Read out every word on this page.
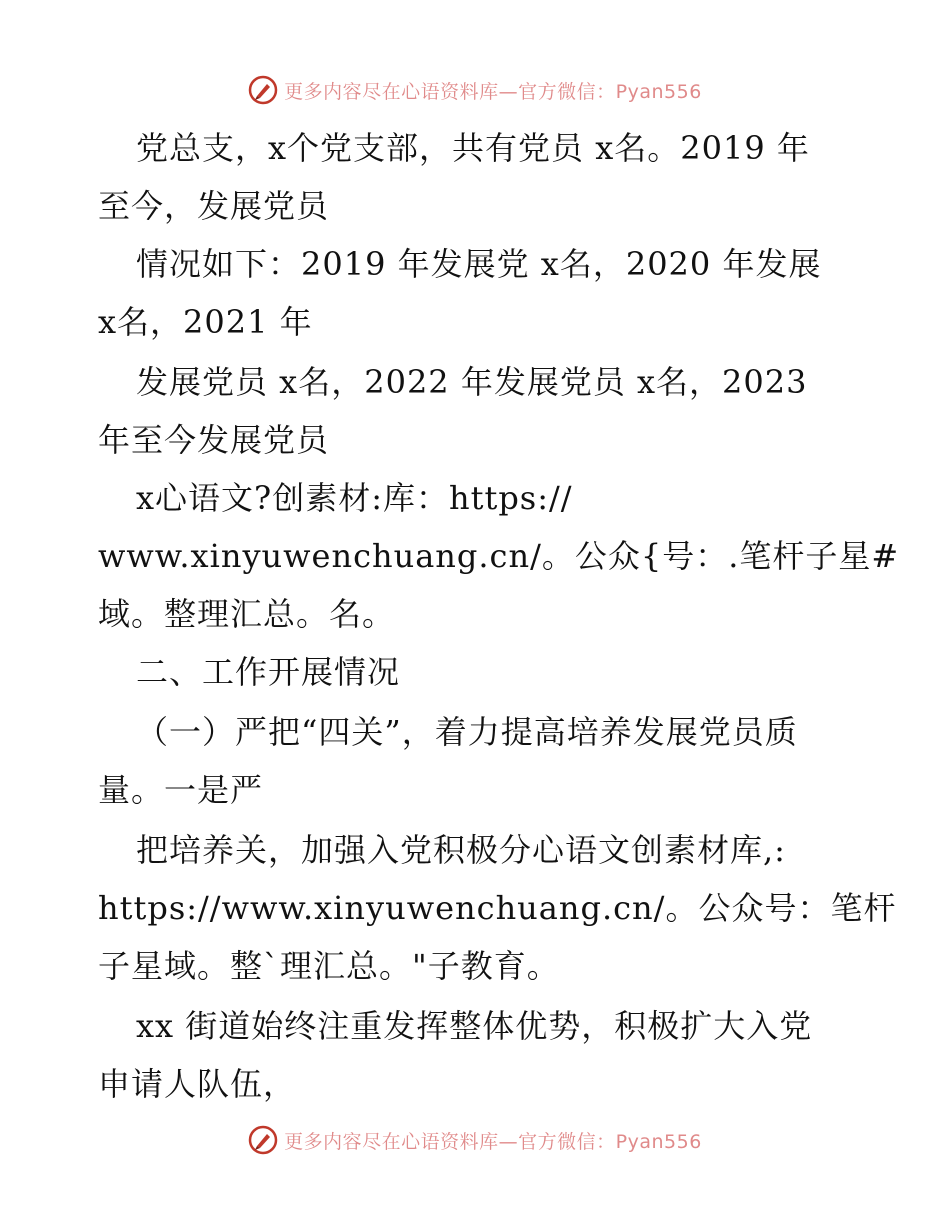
更多内容尽在心语资料库—官方微信：Pyan556
党总支，x个党支部，共有党员 x名。2019 年
至今，发展党员
情况如下：2019 年发展党 x名，2020 年发展
x名，2021 年
发展党员 x名，2022 年发展党员 x名，2023
年至今发展党员
x心语文?创素材:库：https://
www.xinyuwenchuang.cn/。公众{号：.笔杆子星#
域。整理汇总。名。
二、工作开展情况
（一）严把“四关”，着力提高培养发展党员质
量。一是严
把培养关，加强入党积极分心语文创素材库,:
https://www.xinyuwenchuang.cn/。公众号：笔杆
子星域。整`理汇总。"子教育。
xx 街道始终注重发挥整体优势，积极扩大入党
申请人队伍，
更多内容尽在心语资料库—官方微信：Pyan556
